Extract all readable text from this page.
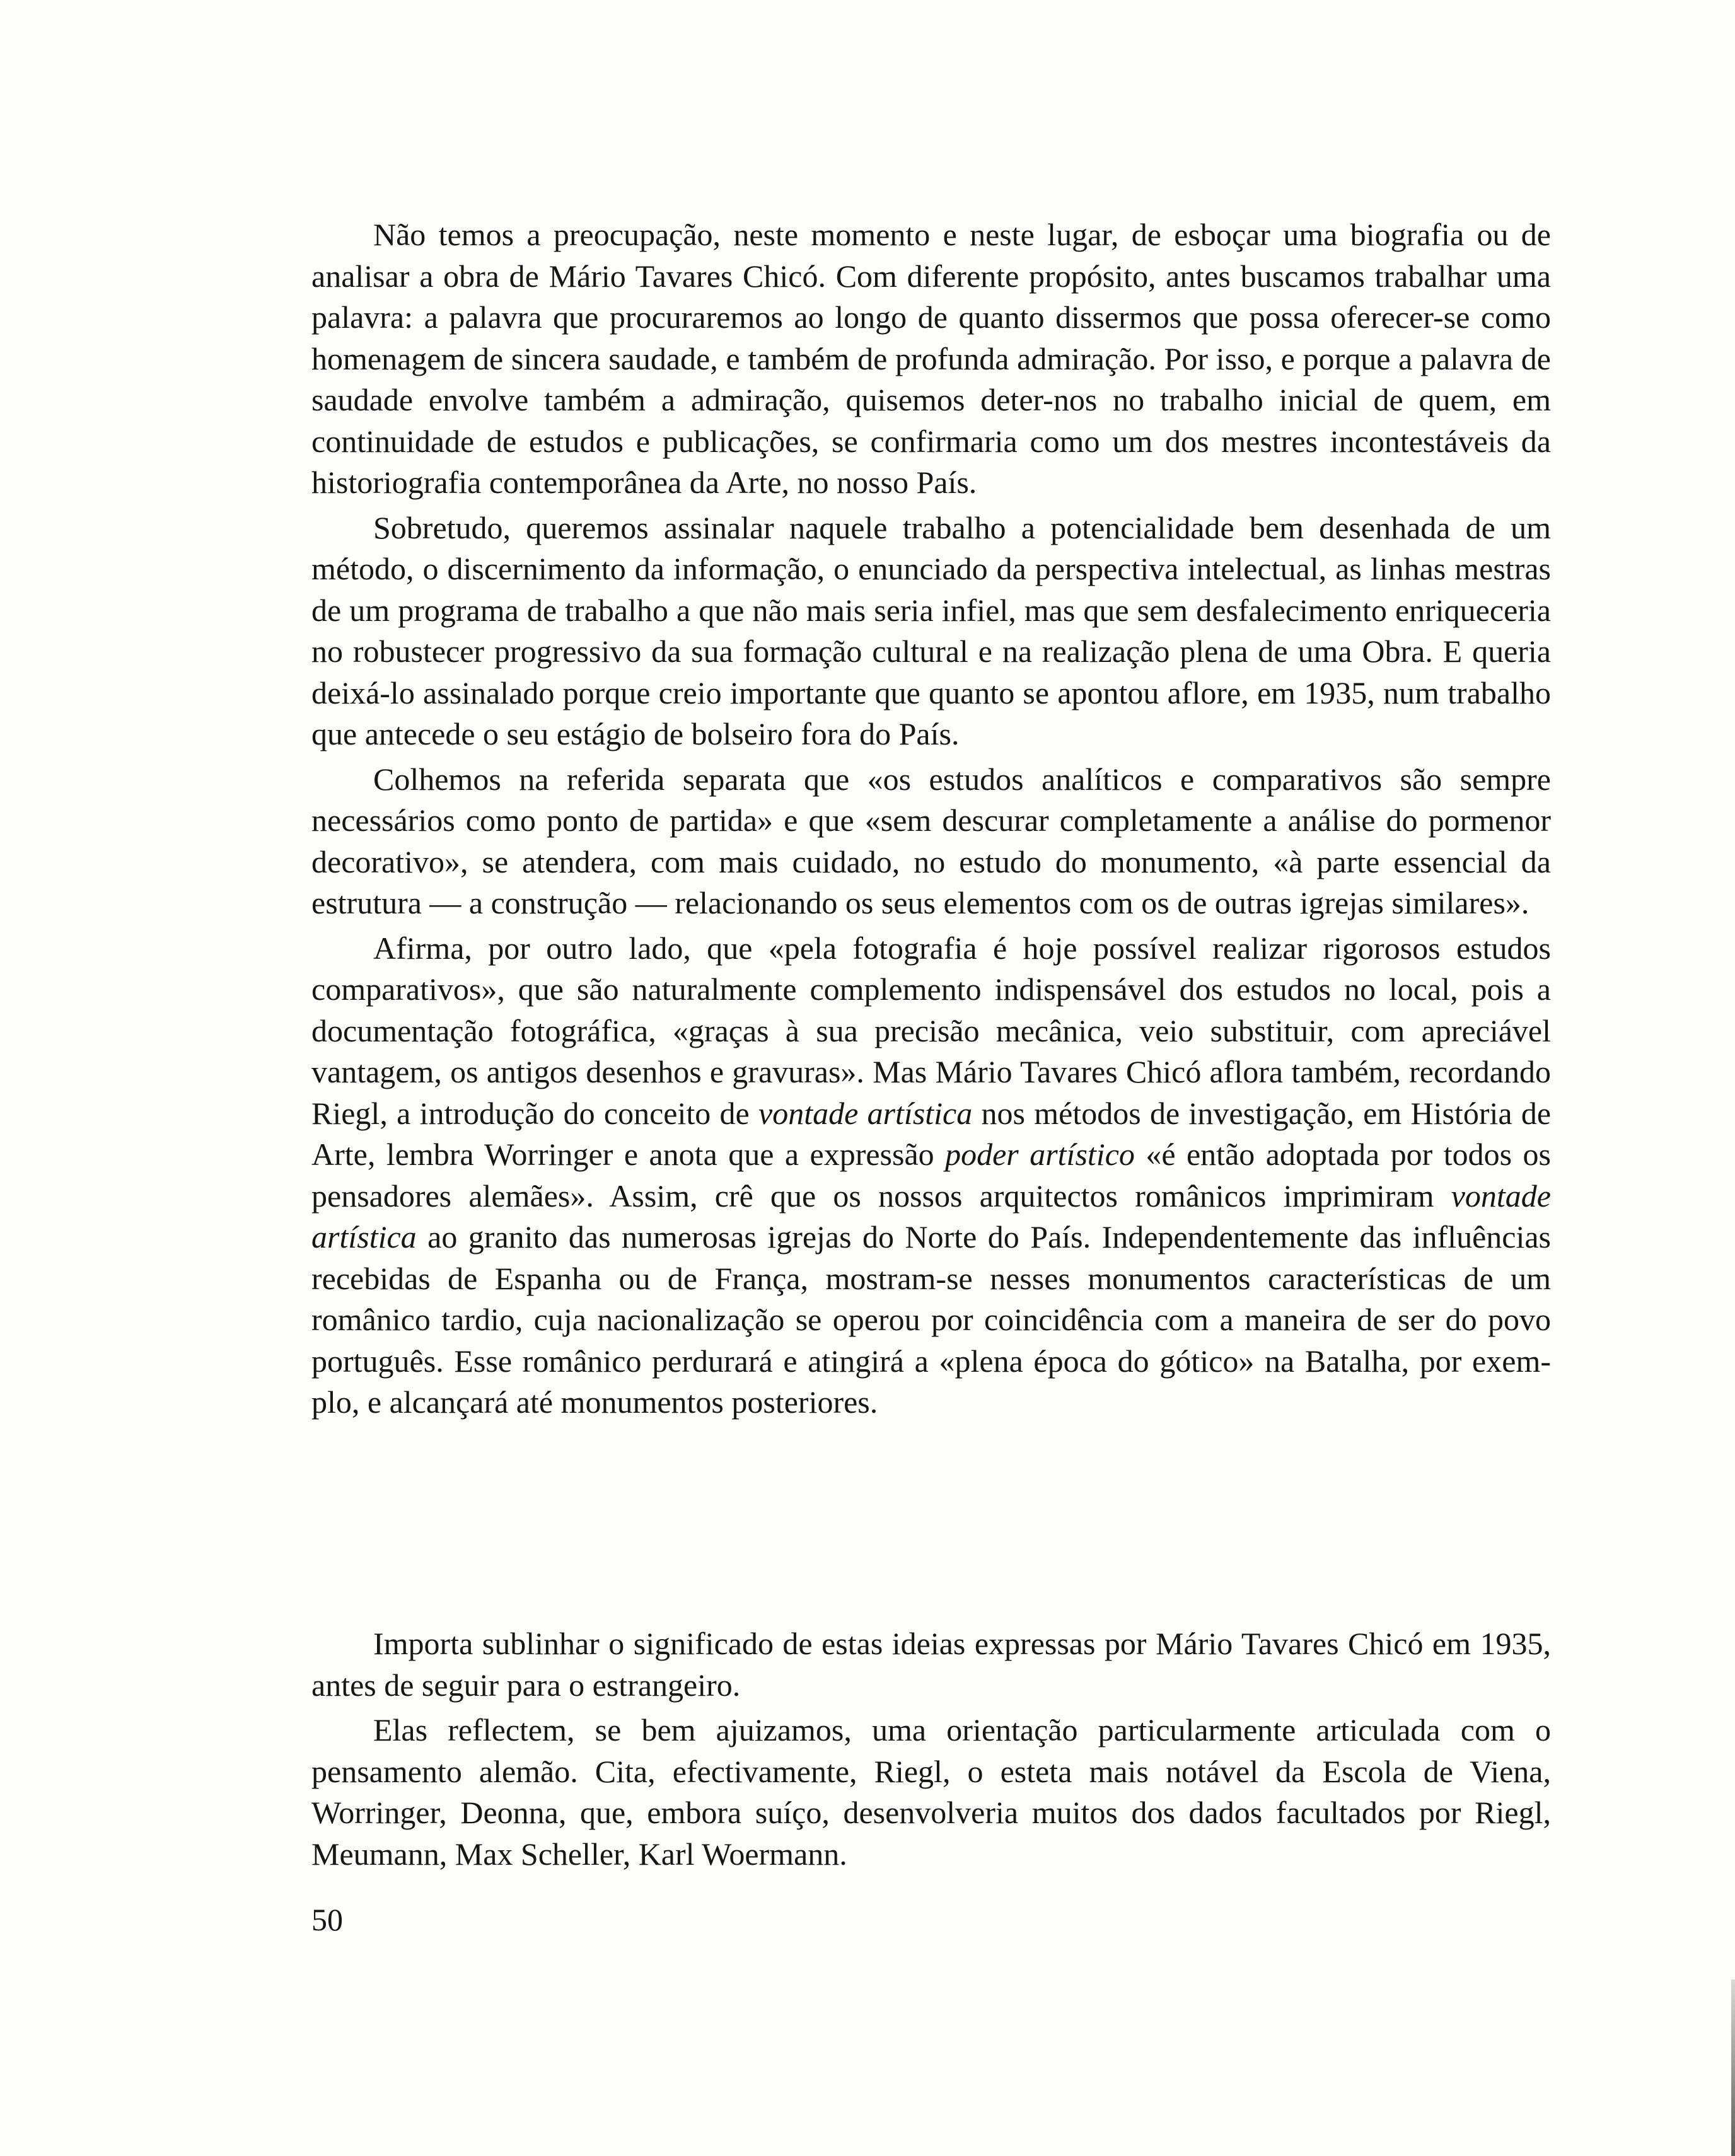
Não temos a preocupação, neste momento e neste lugar, de esboçar uma biografia ou de analisar a obra de Mário Tavares Chicó. Com diferente propósito, antes buscamos trabalhar uma palavra: a palavra que procuraremos ao longo de quanto dissermos que possa oferecer-se como homenagem de sincera saudade, e também de profunda admiração. Por isso, e porque a palavra de saudade envolve também a admiração, quisemos deter-nos no trabalho inicial de quem, em continuidade de estudos e publicações, se confirmaria como um dos mestres incontestáveis da historiografia contemporânea da Arte, no nosso País.

Sobretudo, queremos assinalar naquele trabalho a potencialidade bem desenhada de um método, o discernimento da informação, o enunciado da perspectiva intelectual, as linhas mestras de um programa de trabalho a que não mais seria infiel, mas que sem desfalecimento enriqueceria no robustecer progressivo da sua formação cultural e na realização plena de uma Obra. E queria deixá-lo assinalado porque creio importante que quanto se apontou aflore, em 1935, num trabalho que antecede o seu estágio de bolseiro fora do País.

Colhemos na referida separata que «os estudos analíticos e comparativos são sempre necessários como ponto de partida» e que «sem descurar completamente a análise do pormenor decorativo», se atendera, com mais cuidado, no estudo do monumento, «à parte essencial da estrutura — a construção — relacionando os seus elementos com os de outras igrejas similares».

Afirma, por outro lado, que «pela fotografia é hoje possível realizar rigorosos estudos comparativos», que são naturalmente complemento indispensável dos estudos no local, pois a documentação fotográfica, «graças à sua precisão mecânica, veio substituir, com apreciável vantagem, os antigos desenhos e gravuras». Mas Mário Tavares Chicó aflora também, recordando Riegl, a introdução do conceito de vontade artística nos métodos de investigação, em História de Arte, lembra Worringer e anota que a expressão poder artístico «é então adoptada por todos os pensadores alemães». Assim, crê que os nossos arquitectos românicos imprimiram vontade artística ao granito das numerosas igrejas do Norte do País. Independentemente das influências recebidas de Espanha ou de França, mostram-se nesses monumentos características de um românico tardio, cuja nacionalização se operou por coincidência com a maneira de ser do povo português. Esse românico perdurará e atingirá a «plena época do gótico» na Batalha, por exemplo, e alcançará até monumentos posteriores.

Importa sublinhar o significado de estas ideias expressas por Mário Tavares Chicó em 1935, antes de seguir para o estrangeiro.

Elas reflectem, se bem ajuizamos, uma orientação particularmente articulada com o pensamento alemão. Cita, efectivamente, Riegl, o esteta mais notável da Escola de Viena, Worringer, Deonna, que, embora suíço, desenvolveria muitos dos dados facultados por Riegl, Meumann, Max Scheller, Karl Woermann.

50
